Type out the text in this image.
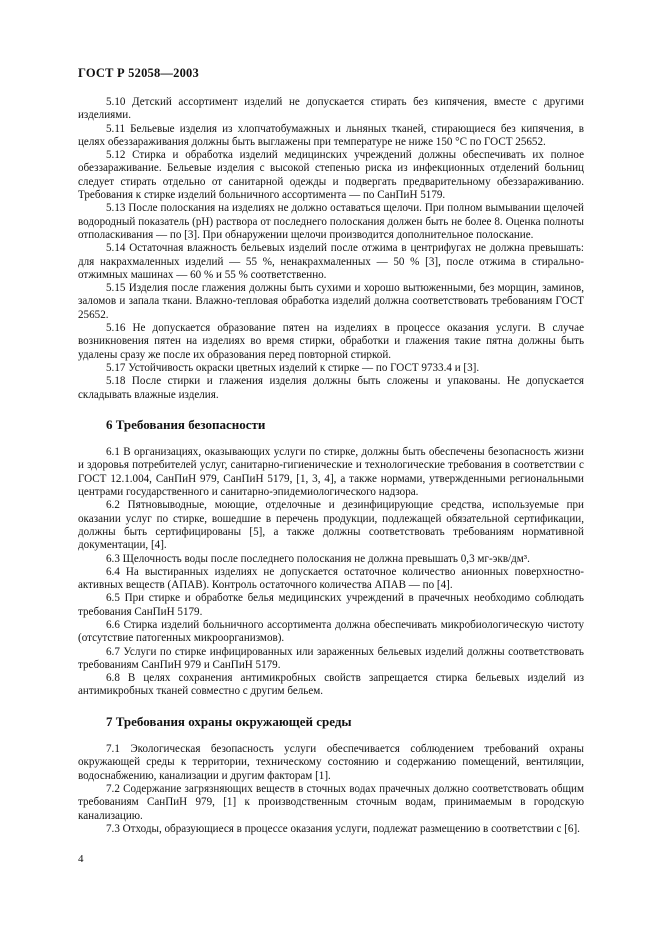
ГОСТ Р 52058—2003

5.10 Детский ассортимент изделий не допускается стирать без кипячения, вместе с другими изделиями.

5.11 Бельевые изделия из хлопчатобумажных и льняных тканей, стирающиеся без кипячения, в целях обеззараживания должны быть выглажены при температуре не ниже 150 °C по ГОСТ 25652.

5.12 Стирка и обработка изделий медицинских учреждений должны обеспечивать их полное обеззараживание. Бельевые изделия с высокой степенью риска из инфекционных отделений больниц следует стирать отдельно от санитарной одежды и подвергать предварительному обеззараживанию. Требования к стирке изделий больничного ассортимента — по СанПиН 5179.

5.13 После полоскания на изделиях не должно оставаться щелочи. При полном вымывании щелочей водородный показатель (рН) раствора от последнего полоскания должен быть не более 8. Оценка полноты отполаскивания — по [3]. При обнаружении щелочи производится дополнительное полоскание.

5.14 Остаточная влажность бельевых изделий после отжима в центрифугах не должна превышать: для накрахмаленных изделий — 55 %, ненакрахмаленных — 50 % [3], после отжима в стирально-отжимных машинах — 60 % и 55 % соответственно.

5.15 Изделия после глажения должны быть сухими и хорошо вытюженными, без морщин, заминов, заломов и запала ткани. Влажно-тепловая обработка изделий должна соответствовать требованиям ГОСТ 25652.

5.16 Не допускается образование пятен на изделиях в процессе оказания услуги. В случае возникновения пятен на изделиях во время стирки, обработки и глажения такие пятна должны быть удалены сразу же после их образования перед повторной стиркой.

5.17 Устойчивость окраски цветных изделий к стирке — по ГОСТ 9733.4 и [3].

5.18 После стирки и глажения изделия должны быть сложены и упакованы. Не допускается складывать влажные изделия.

6 Требования безопасности

6.1 В организациях, оказывающих услуги по стирке, должны быть обеспечены безопасность жизни и здоровья потребителей услуг, санитарно-гигиенические и технологические требования в соответствии с ГОСТ 12.1.004, СанПиН 979, СанПиН 5179, [1, 3, 4], а также нормами, утвержденными региональными центрами государственного и санитарно-эпидемиологического надзора.

6.2 Пятновыводные, моющие, отделочные и дезинфицирующие средства, используемые при оказании услуг по стирке, вошедшие в перечень продукции, подлежащей обязательной сертификации, должны быть сертифицированы [5], а также должны соответствовать требованиям нормативной документации, [4].

6.3 Щелочность воды после последнего полоскания не должна превышать 0,3 мг-экв/дм³.

6.4 На выстиранных изделиях не допускается остаточное количество анионных поверхностно-активных веществ (АПАВ). Контроль остаточного количества АПАВ — по [4].

6.5 При стирке и обработке белья медицинских учреждений в прачечных необходимо соблюдать требования СанПиН 5179.

6.6 Стирка изделий больничного ассортимента должна обеспечивать микробиологическую чистоту (отсутствие патогенных микроорганизмов).

6.7 Услуги по стирке инфицированных или зараженных бельевых изделий должны соответствовать требованиям СанПиН 979 и СанПиН 5179.

6.8 В целях сохранения антимикробных свойств запрещается стирка бельевых изделий из антимикробных тканей совместно с другим бельем.

7 Требования охраны окружающей среды

7.1 Экологическая безопасность услуги обеспечивается соблюдением требований охраны окружающей среды к территории, техническому состоянию и содержанию помещений, вентиляции, водоснабжению, канализации и другим факторам [1].

7.2 Содержание загрязняющих веществ в сточных водах прачечных должно соответствовать общим требованиям СанПиН 979, [1] к производственным сточным водам, принимаемым в городскую канализацию.

7.3 Отходы, образующиеся в процессе оказания услуги, подлежат размещению в соответствии с [6].

4
